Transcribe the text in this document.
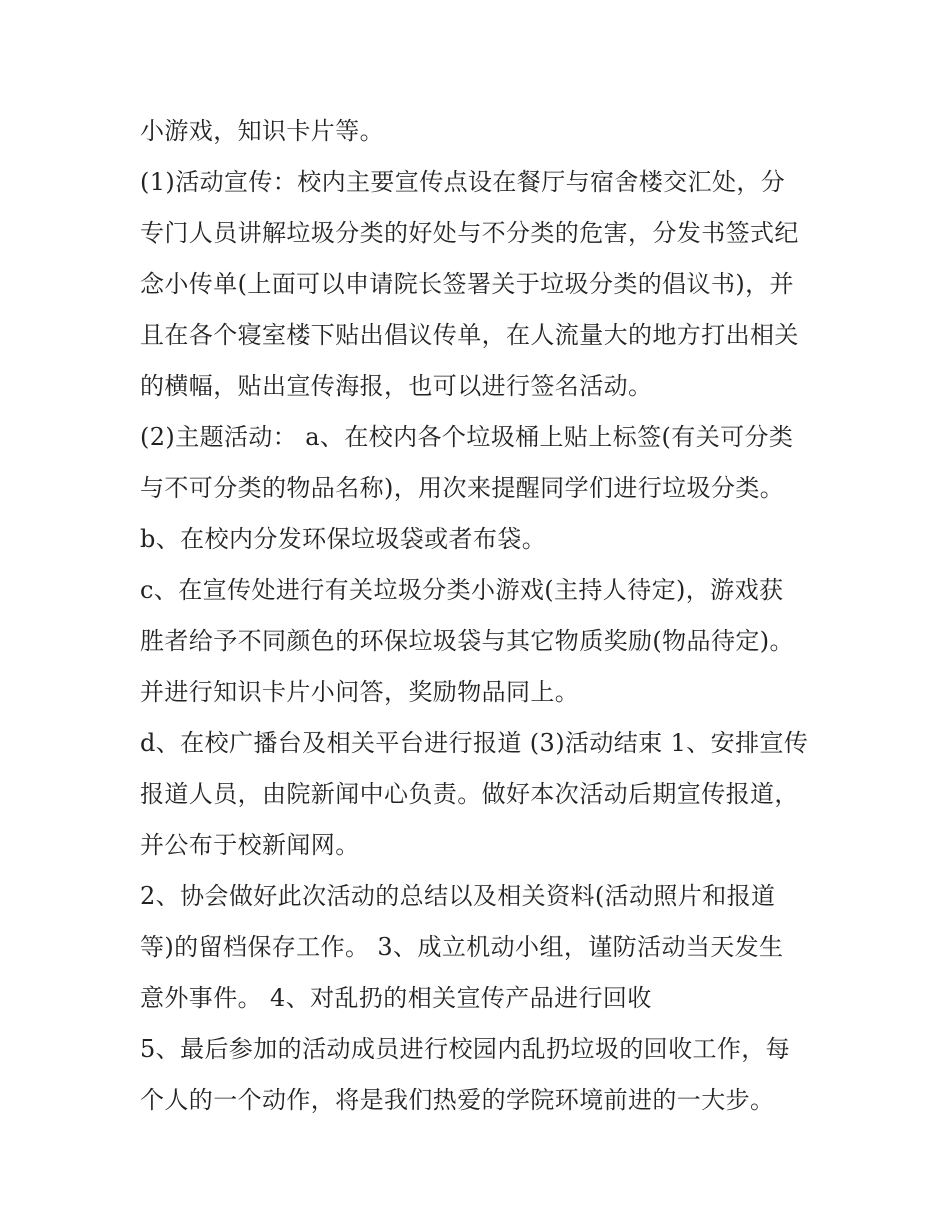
小游戏，知识卡片等。
(1)活动宣传：校内主要宣传点设在餐厅与宿舍楼交汇处，分
专门人员讲解垃圾分类的好处与不分类的危害，分发书签式纪
念小传单(上面可以申请院长签署关于垃圾分类的倡议书)，并
且在各个寝室楼下贴出倡议传单，在人流量大的地方打出相关
的横幅，贴出宣传海报，也可以进行签名活动。
(2)主题活动： a、在校内各个垃圾桶上贴上标签(有关可分类
与不可分类的物品名称)，用次来提醒同学们进行垃圾分类。
b、在校内分发环保垃圾袋或者布袋。
c、在宣传处进行有关垃圾分类小游戏(主持人待定)，游戏获
胜者给予不同颜色的环保垃圾袋与其它物质奖励(物品待定)。
并进行知识卡片小问答，奖励物品同上。
d、在校广播台及相关平台进行报道 (3)活动结束 1、安排宣传
报道人员，由院新闻中心负责。做好本次活动后期宣传报道，
并公布于校新闻网。
2、协会做好此次活动的总结以及相关资料(活动照片和报道
等)的留档保存工作。 3、成立机动小组，谨防活动当天发生
意外事件。 4、对乱扔的相关宣传产品进行回收
5、最后参加的活动成员进行校园内乱扔垃圾的回收工作，每
个人的一个动作，将是我们热爱的学院环境前进的一大步。
